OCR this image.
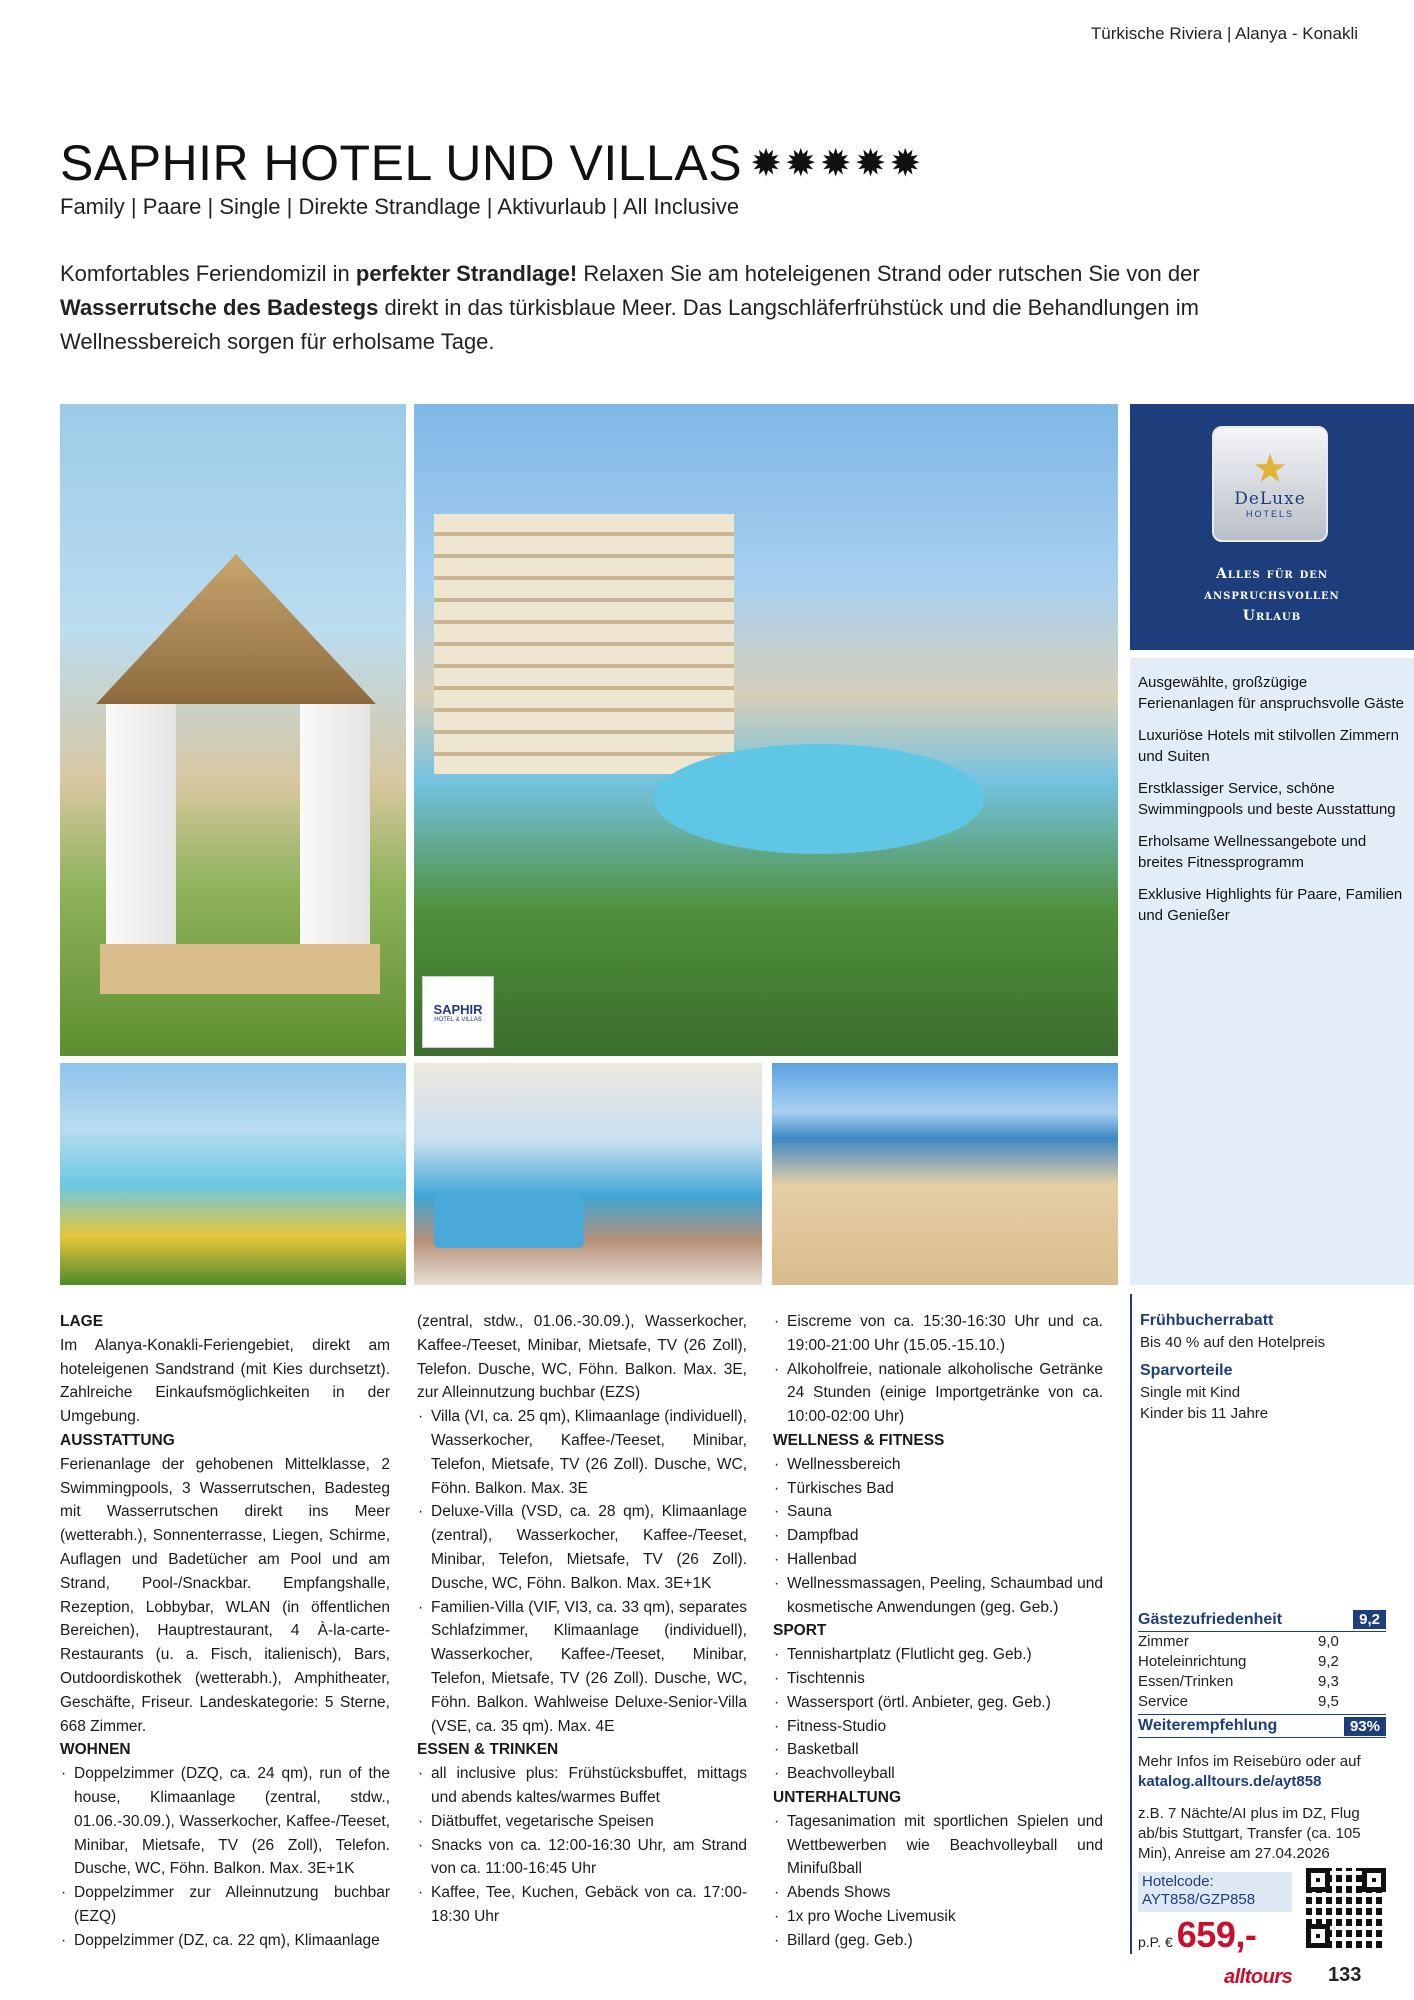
Türkische Riviera | Alanya - Konakli
SAPHIR HOTEL UND VILLAS ✹✹✹✹✹
Family | Paare | Single | Direkte Strandlage | Aktivurlaub | All Inclusive

Komfortables Feriendomizil in perfekter Strandlage! Relaxen Sie am hoteleigenen Strand oder rutschen Sie von der Wasserrutsche des Badestegs direkt in das türkisblaue Meer. Das Langschläferfrühstück und die Behandlungen im Wellnessbereich sorgen für erholsame Tage.

SAPHIR
HOTEL & VILLAS
★
DeLuxe
HOTELS
Alles für den
anspruchsvollen
Urlaub

Ausgewählte, großzügige Ferienanlagen für anspruchsvolle Gäste

Luxuriöse Hotels mit stilvollen Zimmern und Suiten

Erstklassiger Service, schöne Swimmingpools und beste Ausstattung

Erholsame Wellnessangebote und breites Fitnessprogramm

Exklusive Highlights für Paare, Familien und Genießer

LAGE

Im Alanya-Konakli-Feriengebiet, direkt am hoteleigenen Sandstrand (mit Kies durchsetzt). Zahlreiche Einkaufsmöglichkeiten in der Umgebung.

AUSSTATTUNG

Ferienanlage der gehobenen Mittelklasse, 2 Swimmingpools, 3 Wasserrutschen, Badesteg mit Wasserrutschen direkt ins Meer (wetterabh.), Sonnenterrasse, Liegen, Schirme, Auflagen und Badetücher am Pool und am Strand, Pool-/Snackbar. Empfangshalle, Rezeption, Lobbybar, WLAN (in öffentlichen Bereichen), Hauptrestaurant, 4 À-la-carte-Restaurants (u. a. Fisch, italienisch), Bars, Outdoordiskothek (wetterabh.), Amphitheater, Geschäfte, Friseur. Landeskategorie: 5 Sterne, 668 Zimmer.

WOHNEN
· Doppelzimmer (DZQ, ca. 24 qm), run of the house, Klimaanlage (zentral, stdw., 01.06.-30.09.), Wasserkocher, Kaffee-/Teeset, Minibar, Mietsafe, TV (26 Zoll), Telefon. Dusche, WC, Föhn. Balkon. Max. 3E+1K
· Doppelzimmer zur Alleinnutzung buchbar (EZQ)
· Doppelzimmer (DZ, ca. 22 qm), Klimaanlage
(zentral, stdw., 01.06.-30.09.), Wasserkocher, Kaffee-/Teeset, Minibar, Mietsafe, TV (26 Zoll), Telefon. Dusche, WC, Föhn. Balkon. Max. 3E, zur Alleinnutzung buchbar (EZS)
· Villa (VI, ca. 25 qm), Klimaanlage (individuell), Wasserkocher, Kaffee-/Teeset, Minibar, Telefon, Mietsafe, TV (26 Zoll). Dusche, WC, Föhn. Balkon. Max. 3E
· Deluxe-Villa (VSD, ca. 28 qm), Klimaanlage (zentral), Wasserkocher, Kaffee-/Teeset, Minibar, Telefon, Mietsafe, TV (26 Zoll). Dusche, WC, Föhn. Balkon. Max. 3E+1K
· Familien-Villa (VIF, VI3, ca. 33 qm), separates Schlafzimmer, Klimaanlage (individuell), Wasserkocher, Kaffee-/Teeset, Minibar, Telefon, Mietsafe, TV (26 Zoll). Dusche, WC, Föhn. Balkon. Wahlweise Deluxe-Senior-Villa (VSE, ca. 35 qm). Max. 4E
ESSEN & TRINKEN
· all inclusive plus: Frühstücksbuffet, mittags und abends kaltes/warmes Buffet
· Diätbuffet, vegetarische Speisen
· Snacks von ca. 12:00-16:30 Uhr, am Strand von ca. 11:00-16:45 Uhr
· Kaffee, Tee, Kuchen, Gebäck von ca. 17:00-18:30 Uhr
· Eiscreme von ca. 15:30-16:30 Uhr und ca. 19:00-21:00 Uhr (15.05.-15.10.)
· Alkoholfreie, nationale alkoholische Getränke 24 Stunden (einige Importgetränke von ca. 10:00-02:00 Uhr)
WELLNESS & FITNESS
· Wellnessbereich
· Türkisches Bad
· Sauna
· Dampfbad
· Hallenbad
· Wellnessmassagen, Peeling, Schaumbad und kosmetische Anwendungen (geg. Geb.)
SPORT
· Tennishartplatz (Flutlicht geg. Geb.)
· Tischtennis
· Wassersport (örtl. Anbieter, geg. Geb.)
· Fitness-Studio
· Basketball
· Beachvolleyball
UNTERHALTUNG
· Tagesanimation mit sportlichen Spielen und Wettbewerben wie Beachvolleyball und Minifußball
· Abends Shows
· 1x pro Woche Livemusik
· Billard (geg. Geb.)
Frühbucherrabatt
Bis 40 % auf den Hotelpreis
Sparvorteile
Single mit Kind
Kinder bis 11 Jahre
Gästezufriedenheit	9,2
Zimmer	9,0
Hoteleinrichtung	9,2
Essen/Trinken	9,3
Service	9,5
Weiterempfehlung	93%
Mehr Infos im Reisebüro oder auf
katalog.alltours.de/ayt858
z.B. 7 Nächte/AI plus im DZ, Flug ab/bis Stuttgart, Transfer (ca. 105 Min), Anreise am 27.04.2026
Hotelcode:
AYT858/GZP858
p.P. € 659,-
alltours 133
